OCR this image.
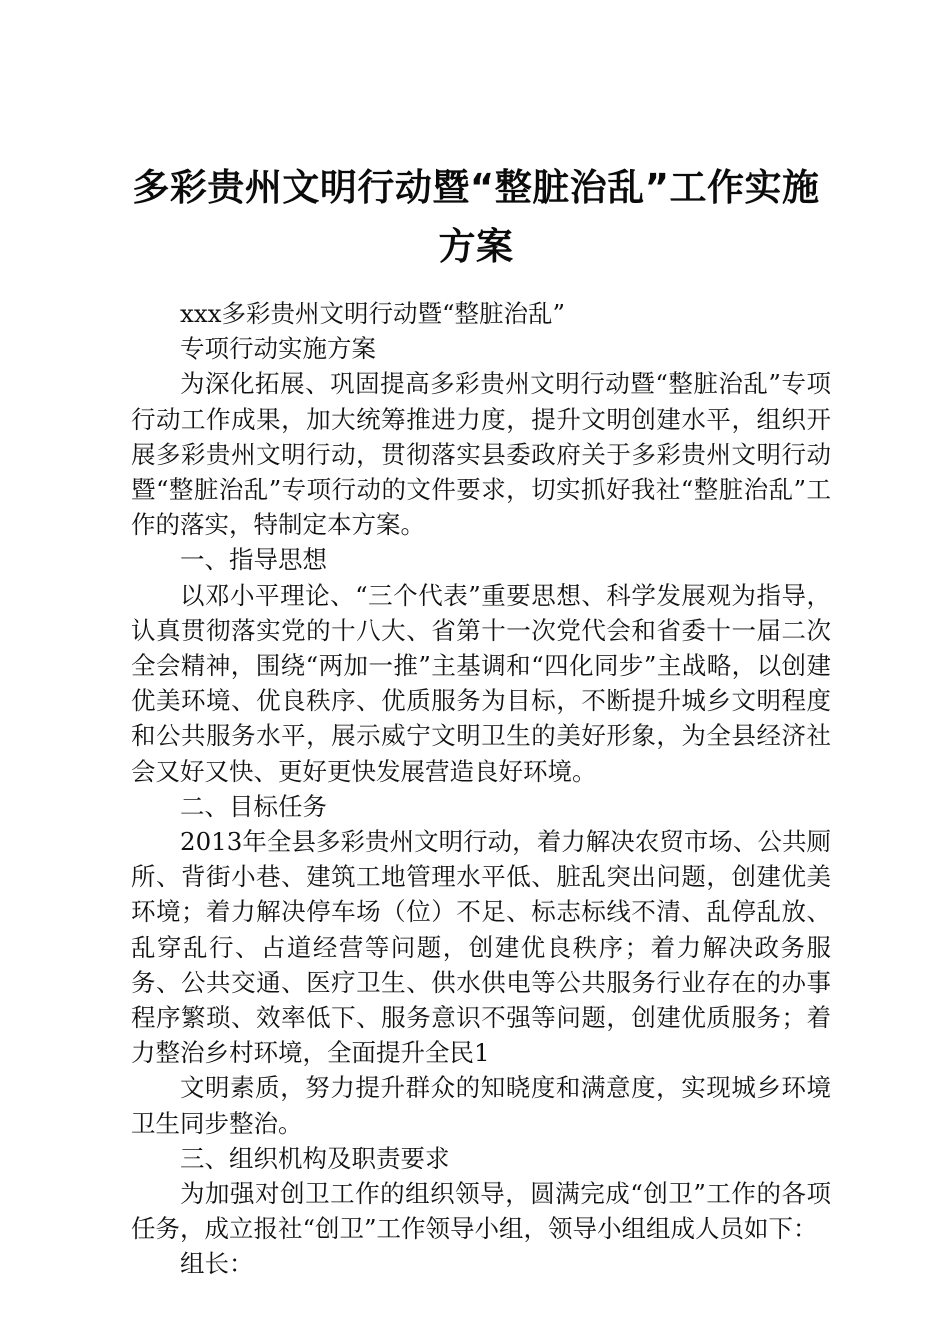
多彩贵州文明行动暨“整脏治乱”工作实施方案

xxx多彩贵州文明行动暨“整脏治乱”

专项行动实施方案

为深化拓展、巩固提高多彩贵州文明行动暨“整脏治乱”专项行动工作成果，加大统筹推进力度，提升文明创建水平，组织开展多彩贵州文明行动，贯彻落实县委政府关于多彩贵州文明行动暨“整脏治乱”专项行动的文件要求，切实抓好我社“整脏治乱”工作的落实，特制定本方案。

一、指导思想

以邓小平理论、“三个代表”重要思想、科学发展观为指导，认真贯彻落实党的十八大、省第十一次党代会和省委十一届二次全会精神，围绕“两加一推”主基调和“四化同步”主战略，以创建优美环境、优良秩序、优质服务为目标，不断提升城乡文明程度和公共服务水平，展示威宁文明卫生的美好形象，为全县经济社会又好又快、更好更快发展营造良好环境。

二、目标任务

2013年全县多彩贵州文明行动，着力解决农贸市场、公共厕所、背街小巷、建筑工地管理水平低、脏乱突出问题，创建优美环境；着力解决停车场（位）不足、标志标线不清、乱停乱放、乱穿乱行、占道经营等问题，创建优良秩序；着力解决政务服务、公共交通、医疗卫生、供水供电等公共服务行业存在的办事程序繁琐、效率低下、服务意识不强等问题，创建优质服务；着力整治乡村环境，全面提升全民1

文明素质，努力提升群众的知晓度和满意度，实现城乡环境卫生同步整治。

三、组织机构及职责要求

为加强对创卫工作的组织领导，圆满完成“创卫”工作的各项任务，成立报社“创卫”工作领导小组，领导小组组成人员如下：

组长：
